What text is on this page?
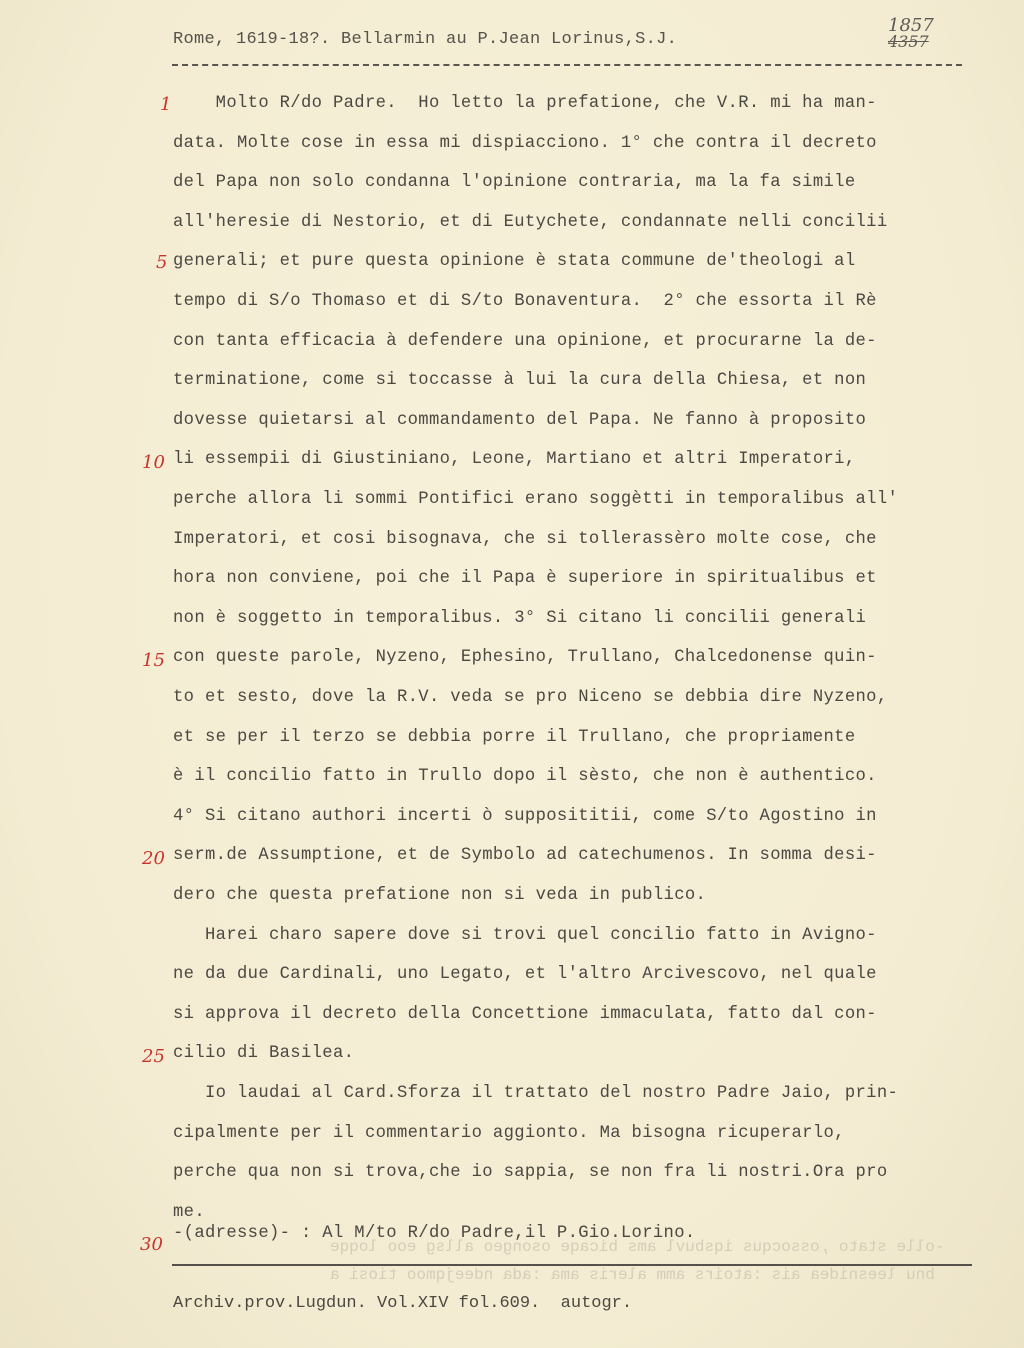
Rome, 1619-18?. Bellarmin au P.Jean Lorinus,S.J.
1857
4357
Molto R/do Padre.  Ho letto la prefatione, che V.R. mi ha man-
data. Molte cose in essa mi dispiacciono. 1° che contra il decreto
del Papa non solo condanna l'opinione contraria, ma la fa simile
all'heresie di Nestorio, et di Eutychete, condannate nelli concilii
generali; et pure questa opinione è stata commune de'theologi al
tempo di S/o Thomaso et di S/to Bonaventura.  2° che essorta il Rè
con tanta efficacia à defendere una opinione, et procurarne la de-
terminatione, come si toccasse à lui la cura della Chiesa, et non
dovesse quietarsi al commandamento del Papa. Ne fanno à proposito
li essempii di Giustiniano, Leone, Martiano et altri Imperatori,
perche allora li sommi Pontifici erano soggètti in temporalibus all'
Imperatori, et cosi bisognava, che si tollerassèro molte cose, che
hora non conviene, poi che il Papa è superiore in spiritualibus et
non è soggetto in temporalibus. 3° Si citano li concilii generali
con queste parole, Nyzeno, Ephesino, Trullano, Chalcedonense quin-
to et sesto, dove la R.V. veda se pro Niceno se debbia dire Nyzeno,
et se per il terzo se debbia porre il Trullano, che propriamente
è il concilio fatto in Trullo dopo il sèsto, che non è authentico.
4° Si citano authori incerti ò supposititii, come S/to Agostino in
serm.de Assumptione, et de Symbolo ad catechumenos. In somma desi-
dero che questa prefatione non si veda in publico.
Harei charo sapere dove si trovi quel concilio fatto in Avigno-
ne da due Cardinali, uno Legato, et l'altro Arcivescovo, nel quale
si approva il decreto della Concettione immaculata, fatto dal con-
cilio di Basilea.
Io laudai al Card.Sforza il trattato del nostro Padre Jaio, prin-
cipalmente per il commentario aggionto. Ma bisogna ricuperarlo,
perche qua non si trova,che io sappia, se non fra li nostri.Ora pro
me.
1
5
10
15
20
25
30
-(adresse)- : Al M/to R/do Padre,il P.Gio.Lorino.
-olle stato ,ossocqus iqsbuvl ams bicaqe osongeo allsg eoo loqqe
bnu leesnidea ais :atoirs amm aleris ama :ada ndeejqmoo tiosi a
Archiv.prov.Lugdun. Vol.XIV fol.609.  autogr.
